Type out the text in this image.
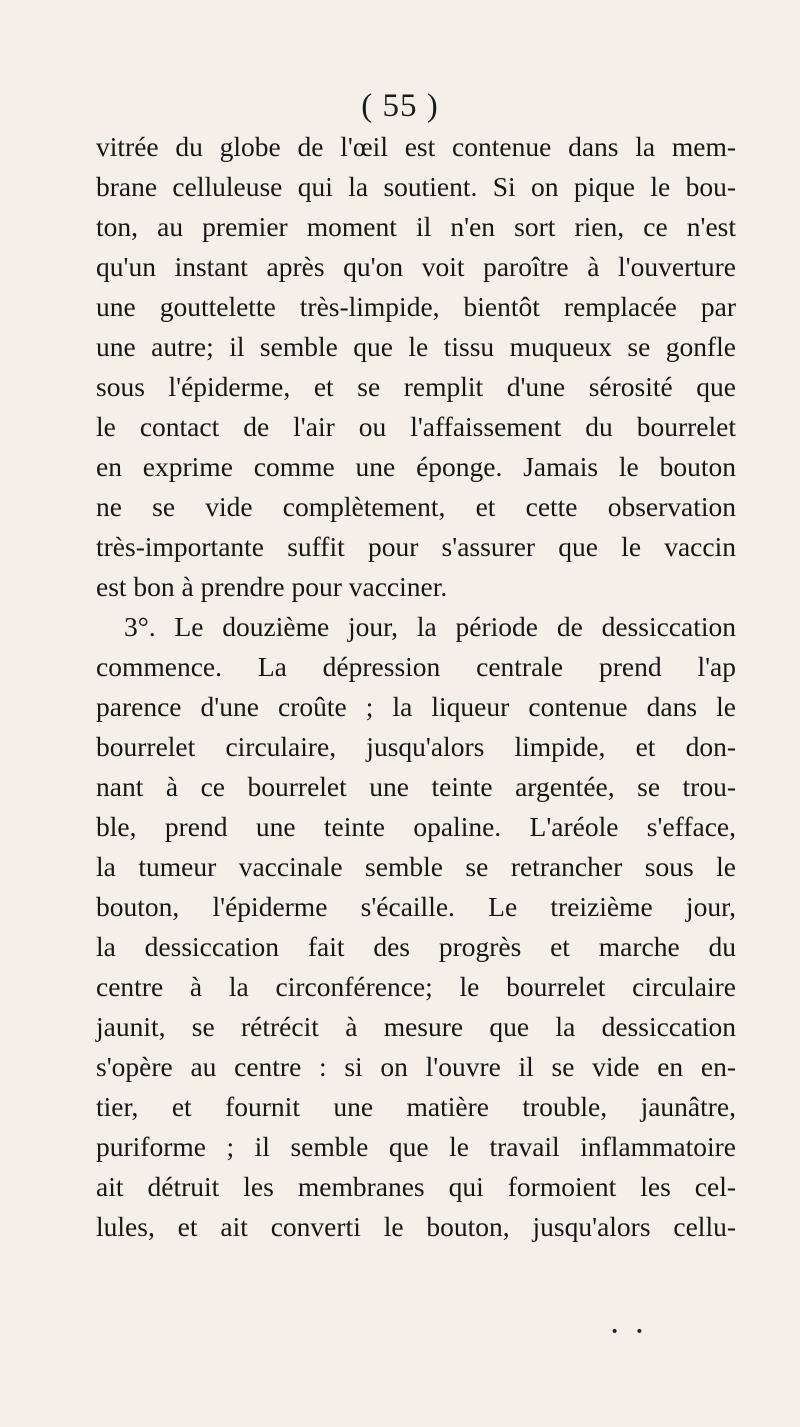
( 55 )
vitrée du globe de l'œil est contenue dans la mem-
brane celluleuse qui la soutient. Si on pique le bou-
ton, au premier moment il n'en sort rien, ce n'est
qu'un instant après qu'on voit paroître à l'ouverture
une gouttelette très-limpide, bientôt remplacée par
une autre; il semble que le tissu muqueux se gonfle
sous l'épiderme, et se remplit d'une sérosité que
le contact de l'air ou l'affaissement du bourrelet
en exprime comme une éponge. Jamais le bouton
ne se vide complètement, et cette observation
très-importante suffit pour s'assurer que le vaccin
est bon à prendre pour vacciner.
3°. Le douzième jour, la période de dessiccation
commence. La dépression centrale prend l'ap
parence d'une croûte ; la liqueur contenue dans le
bourrelet circulaire, jusqu'alors limpide, et don-
nant à ce bourrelet une teinte argentée, se trou-
ble, prend une teinte opaline. L'aréole s'efface,
la tumeur vaccinale semble se retrancher sous le
bouton, l'épiderme s'écaille. Le treizième jour,
la dessiccation fait des progrès et marche du
centre à la circonférence; le bourrelet circulaire
jaunit, se rétrécit à mesure que la dessiccation
s'opère au centre : si on l'ouvre il se vide en en-
tier, et fournit une matière trouble, jaunâtre,
puriforme ; il semble que le travail inflammatoire
ait détruit les membranes qui formoient les cel-
lules, et ait converti le bouton, jusqu'alors cellu-
• •
